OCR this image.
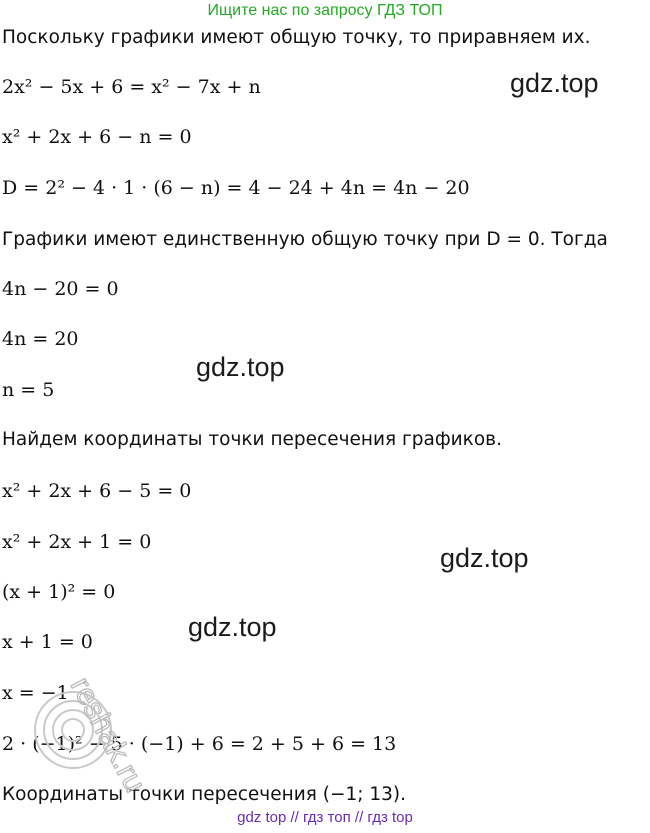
Ищите нас по запросу ГДЗ ТОП
Поскольку графики имеют общую точку, то приравняем их.
2x² − 5x + 6 = x² − 7x + n
x² + 2x + 6 − n = 0
D = 2² − 4 · 1 · (6 − n) = 4 − 24 + 4n = 4n − 20
Графики имеют единственную общую точку при D = 0. Тогда
4n − 20 = 0
4n = 20
n = 5
Найдем координаты точки пересечения графиков.
x² + 2x + 6 − 5 = 0
x² + 2x + 1 = 0
(x + 1)² = 0
x + 1 = 0
x = −1
2 · (−1)² − 5 · (−1) + 6 = 2 + 5 + 6 = 13
Координаты точки пересечения (−1; 13).
gdz.top
gdz.top
gdz.top
gdz.top
reshak.ru
gdz top // гдз топ // гдз top
